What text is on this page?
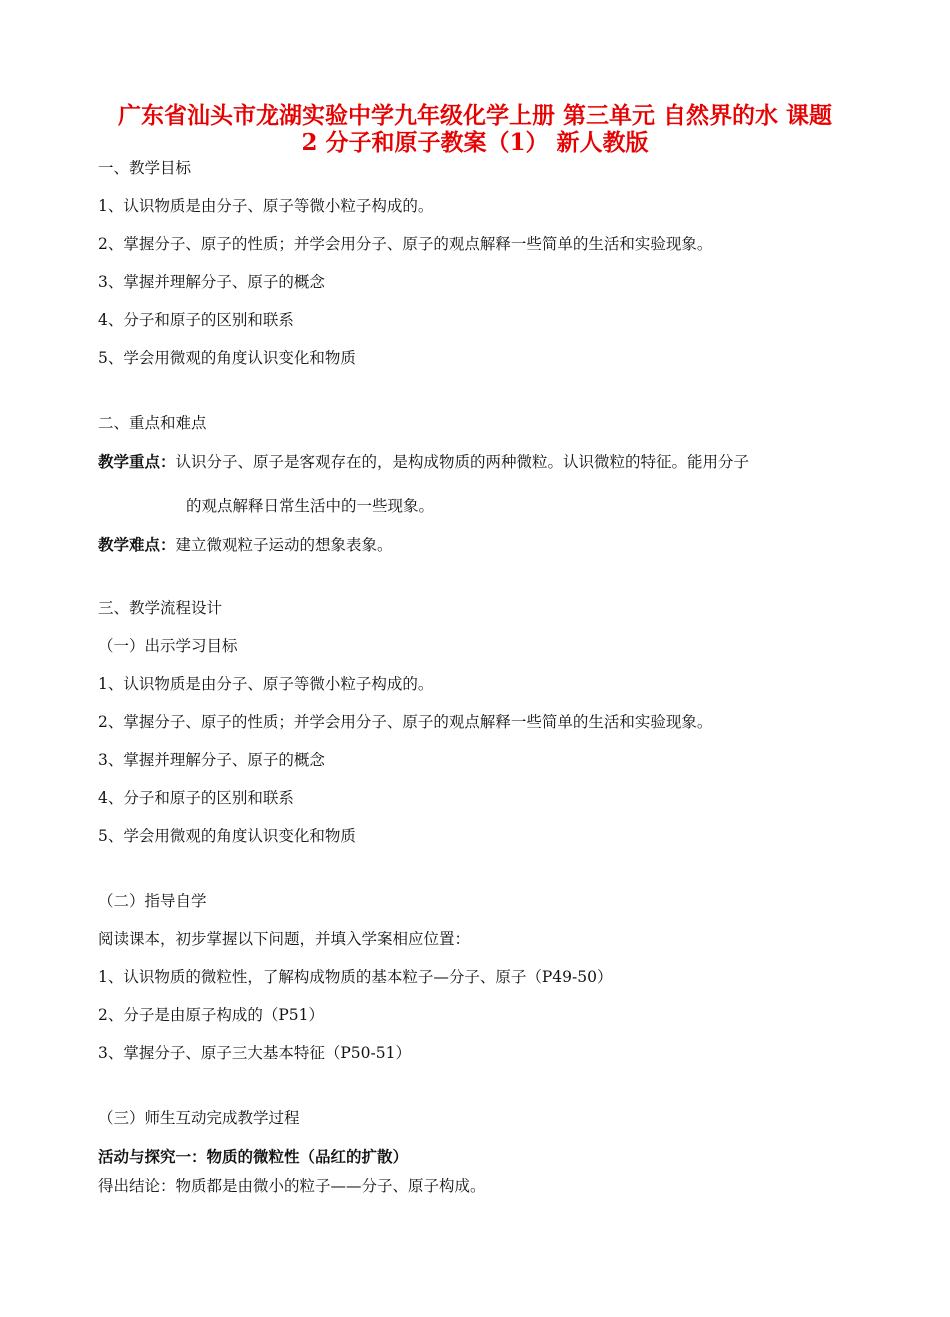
广东省汕头市龙湖实验中学九年级化学上册 第三单元 自然界的水 课题
2 分子和原子教案（1） 新人教版

一、教学目标

1、认识物质是由分子、原子等微小粒子构成的。

2、掌握分子、原子的性质；并学会用分子、原子的观点解释一些简单的生活和实验现象。

3、掌握并理解分子、原子的概念

4、分子和原子的区别和联系

5、学会用微观的角度认识变化和物质

二、重点和难点

教学重点：认识分子、原子是客观存在的，是构成物质的两种微粒。认识微粒的特征。能用分子

的观点解释日常生活中的一些现象。

教学难点：建立微观粒子运动的想象表象。

三、教学流程设计

（一）出示学习目标

1、认识物质是由分子、原子等微小粒子构成的。

2、掌握分子、原子的性质；并学会用分子、原子的观点解释一些简单的生活和实验现象。

3、掌握并理解分子、原子的概念

4、分子和原子的区别和联系

5、学会用微观的角度认识变化和物质

（二）指导自学

阅读课本，初步掌握以下问题，并填入学案相应位置：

1、认识物质的微粒性，了解构成物质的基本粒子—分子、原子（P49-50）

2、分子是由原子构成的（P51）

3、掌握分子、原子三大基本特征（P50-51）

（三）师生互动完成教学过程

活动与探究一：物质的微粒性（品红的扩散）

得出结论：物质都是由微小的粒子——分子、原子构成。
